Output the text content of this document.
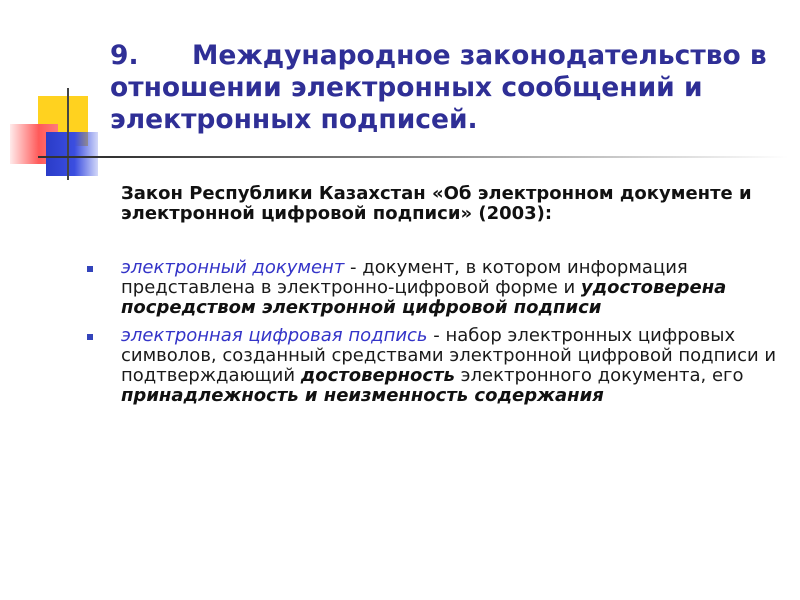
9. Международное законодательство в отношении электронных сообщений и электронных подписей.
Закон Республики Казахстан «Об электронном документе и электронной цифровой подписи» (2003):
электронный документ - документ, в котором информация представлена в электронно-цифровой форме и удостоверена посредством электронной цифровой подписи
электронная цифровая подпись - набор электронных цифровых символов, созданный средствами электронной цифровой подписи и подтверждающий достоверность электронного документа, его принадлежность и неизменность содержания
